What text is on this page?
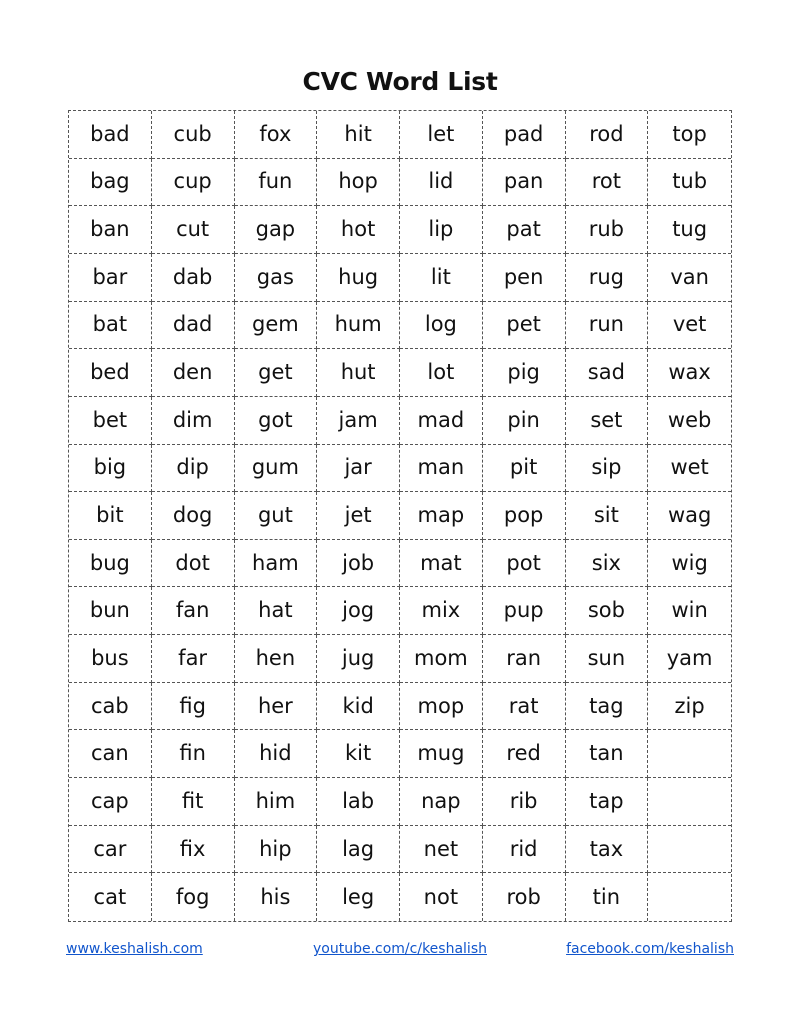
CVC Word List
bad	cub	fox	hit	let	pad	rod	top
bag	cup	fun	hop	lid	pan	rot	tub
ban	cut	gap	hot	lip	pat	rub	tug
bar	dab	gas	hug	lit	pen	rug	van
bat	dad	gem	hum	log	pet	run	vet
bed	den	get	hut	lot	pig	sad	wax
bet	dim	got	jam	mad	pin	set	web
big	dip	gum	jar	man	pit	sip	wet
bit	dog	gut	jet	map	pop	sit	wag
bug	dot	ham	job	mat	pot	six	wig
bun	fan	hat	jog	mix	pup	sob	win
bus	far	hen	jug	mom	ran	sun	yam
cab	fig	her	kid	mop	rat	tag	zip
can	fin	hid	kit	mug	red	tan
cap	fit	him	lab	nap	rib	tap
car	fix	hip	lag	net	rid	tax
cat	fog	his	leg	not	rob	tin
www.keshalish.com	youtube.com/c/keshalish	facebook.com/keshalish
